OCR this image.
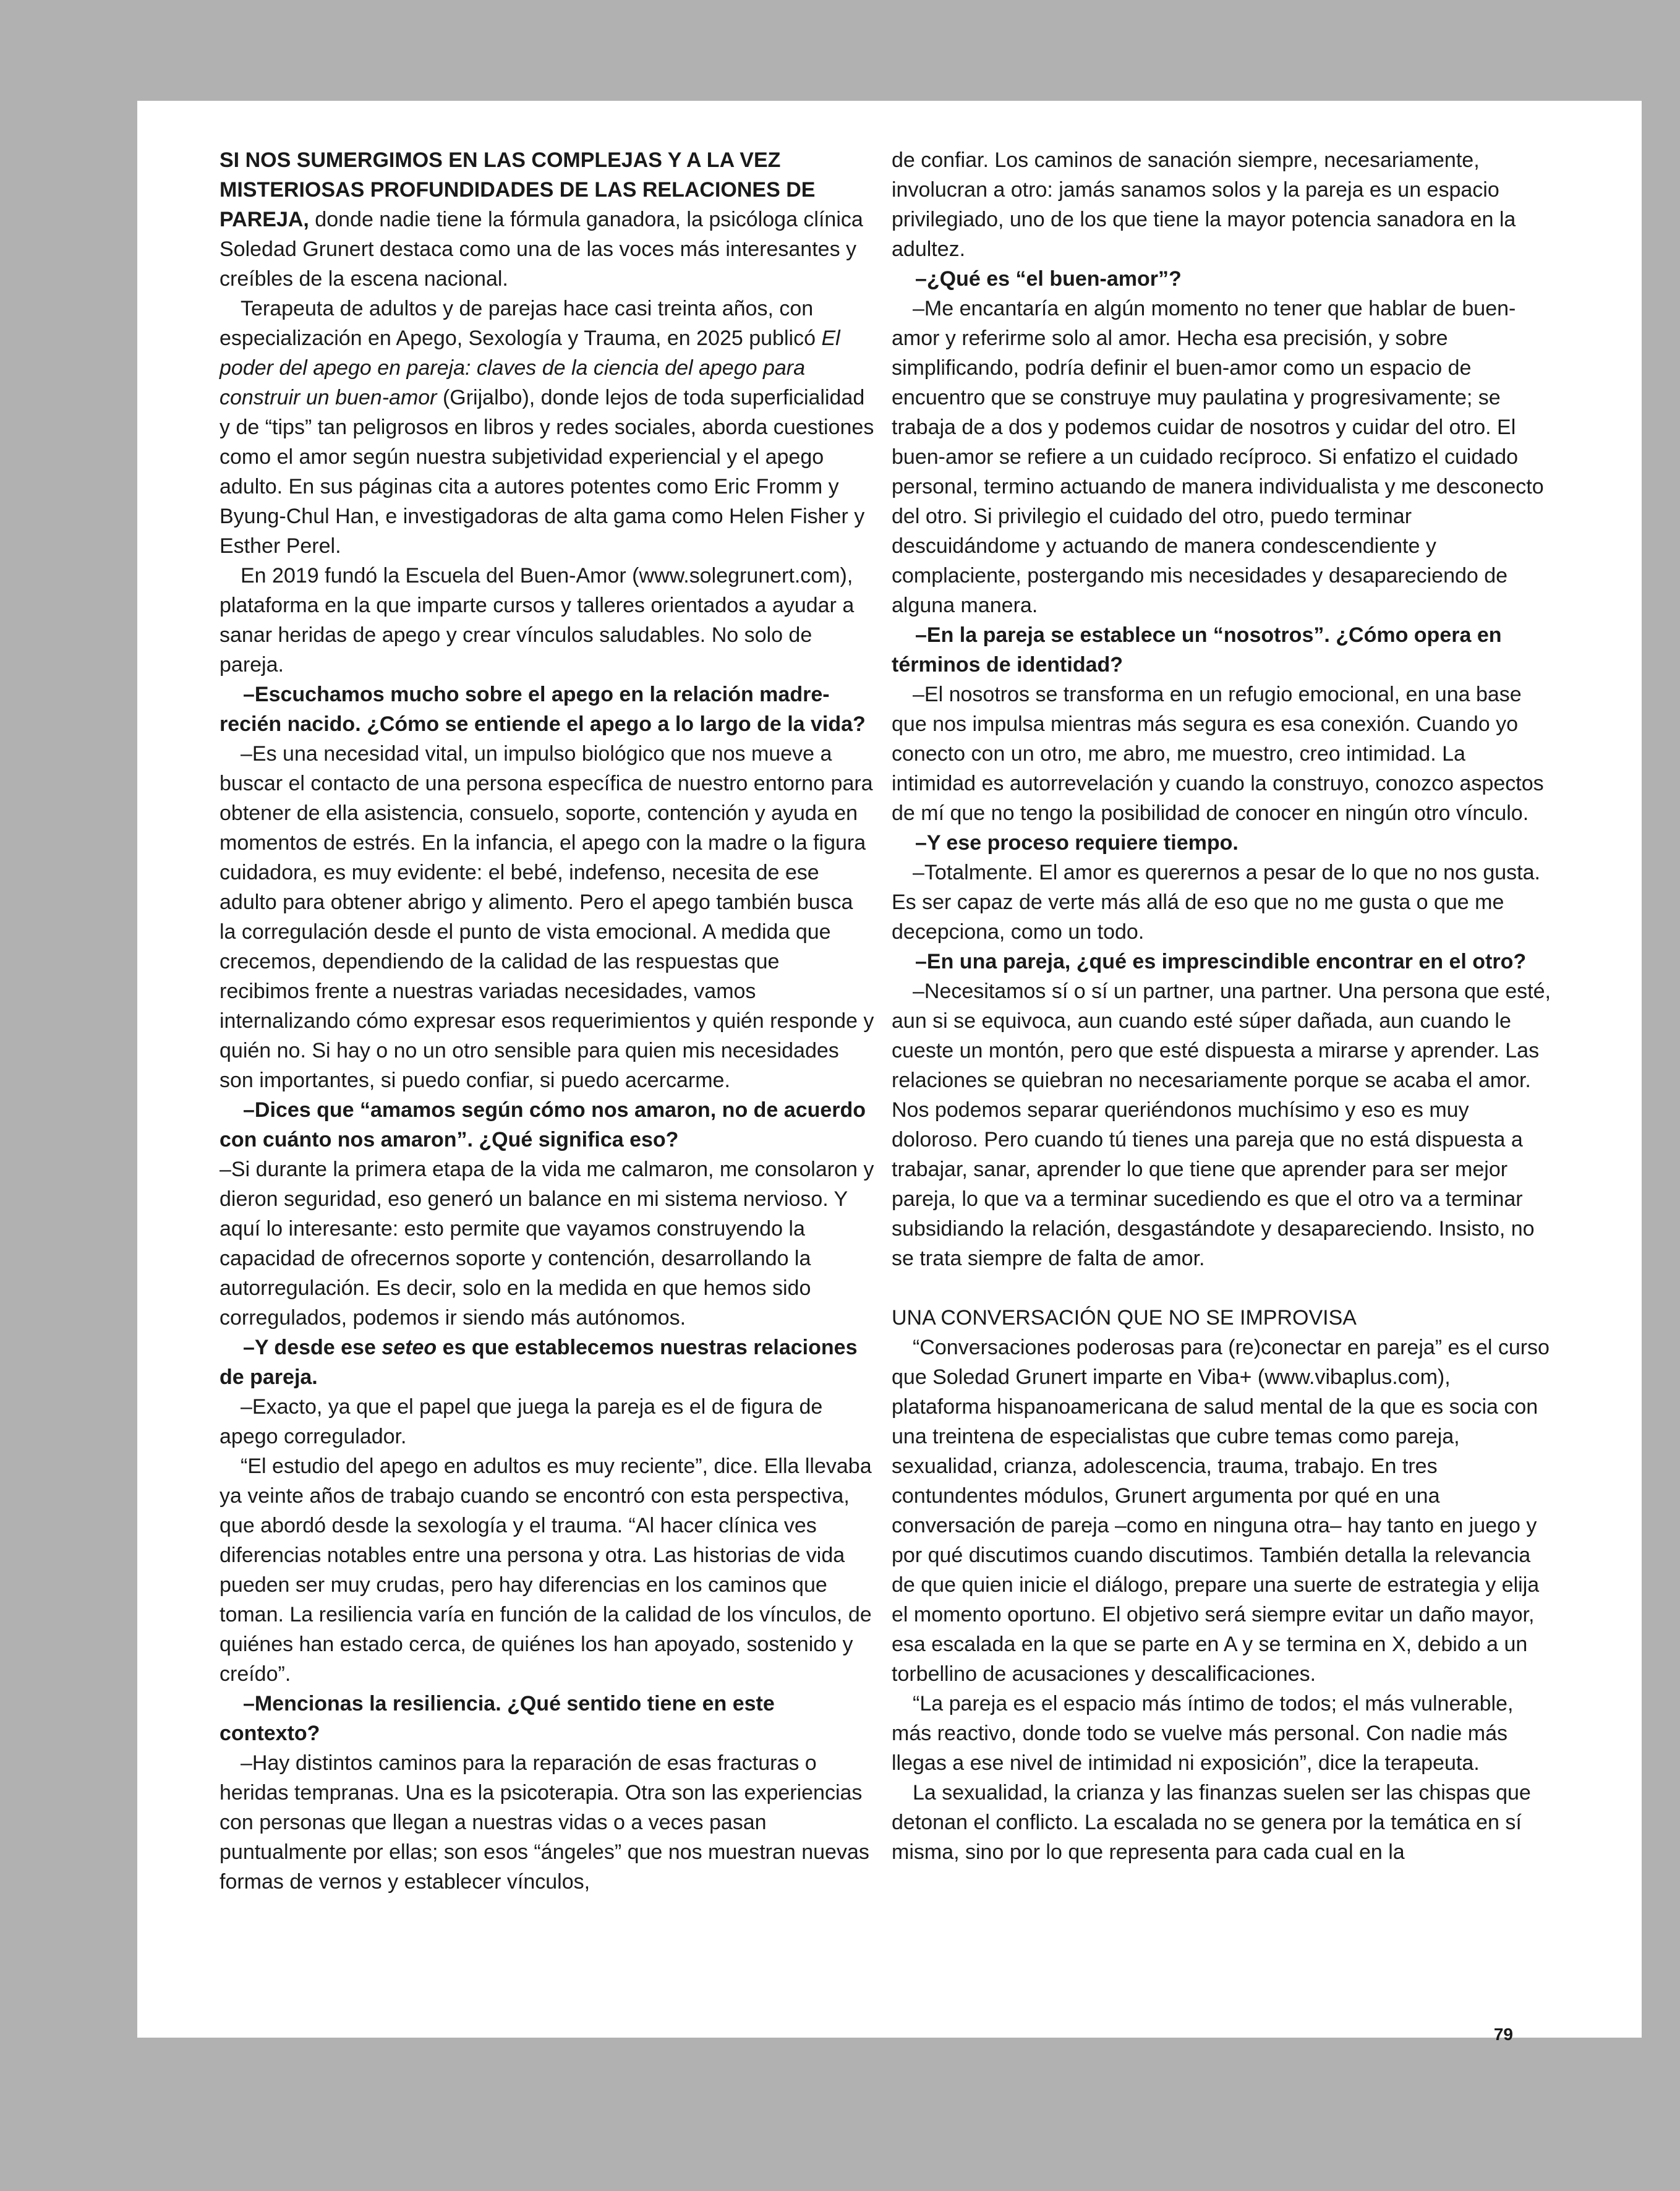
SI NOS SUMERGIMOS EN LAS COMPLEJAS Y A LA VEZ MISTERIOSAS PROFUNDIDADES DE LAS RELACIONES DE PAREJA, donde nadie tiene la fórmula ganadora, la psicóloga clínica Soledad Grunert destaca como una de las voces más interesantes y creíbles de la escena nacional.

Terapeuta de adultos y de parejas hace casi treinta años, con especialización en Apego, Sexología y Trauma, en 2025 publicó El poder del apego en pareja: claves de la ciencia del apego para construir un buen-amor (Grijalbo), donde lejos de toda superficialidad y de “tips” tan peligrosos en libros y redes sociales, aborda cuestiones como el amor según nuestra subjetividad experiencial y el apego adulto. En sus páginas cita a autores potentes como Eric Fromm y Byung-Chul Han, e investigadoras de alta gama como Helen Fisher y Esther Perel.

En 2019 fundó la Escuela del Buen-Amor (www.solegrunert.com), plataforma en la que imparte cursos y talleres orientados a ayudar a sanar heridas de apego y crear vínculos saludables. No solo de pareja.

–Escuchamos mucho sobre el apego en la relación madre-recién nacido. ¿Cómo se entiende el apego a lo largo de la vida?

–Es una necesidad vital, un impulso biológico que nos mueve a buscar el contacto de una persona específica de nuestro entorno para obtener de ella asistencia, consuelo, soporte, contención y ayuda en momentos de estrés. En la infancia, el apego con la madre o la figura cuidadora, es muy evidente: el bebé, indefenso, necesita de ese adulto para obtener abrigo y alimento. Pero el apego también busca la corregulación desde el punto de vista emocional. A medida que crecemos, dependiendo de la calidad de las respuestas que recibimos frente a nuestras variadas necesidades, vamos internalizando cómo expresar esos requerimientos y quién responde y quién no. Si hay o no un otro sensible para quien mis necesidades son importantes, si puedo confiar, si puedo acercarme.

–Dices que “amamos según cómo nos amaron, no de acuerdo con cuánto nos amaron”. ¿Qué significa eso?

–Si durante la primera etapa de la vida me calmaron, me consolaron y dieron seguridad, eso generó un balance en mi sistema nervioso. Y aquí lo interesante: esto permite que vayamos construyendo la capacidad de ofrecernos soporte y contención, desarrollando la autorregulación. Es decir, solo en la medida en que hemos sido corregulados, podemos ir siendo más autónomos.

–Y desde ese seteo es que establecemos nuestras relaciones de pareja.

–Exacto, ya que el papel que juega la pareja es el de figura de apego corregulador.

“El estudio del apego en adultos es muy reciente”, dice. Ella llevaba ya veinte años de trabajo cuando se encontró con esta perspectiva, que abordó desde la sexología y el trauma. “Al hacer clínica ves diferencias notables entre una persona y otra. Las historias de vida pueden ser muy crudas, pero hay diferencias en los caminos que toman. La resiliencia varía en función de la calidad de los vínculos, de quiénes han estado cerca, de quiénes los han apoyado, sostenido y creído”.

–Mencionas la resiliencia. ¿Qué sentido tiene en este contexto?

–Hay distintos caminos para la reparación de esas fracturas o heridas tempranas. Una es la psicoterapia. Otra son las experiencias con personas que llegan a nuestras vidas o a veces pasan puntualmente por ellas; son esos “ángeles” que nos muestran nuevas formas de vernos y establecer vínculos,

de confiar. Los caminos de sanación siempre, necesariamente, involucran a otro: jamás sanamos solos y la pareja es un espacio privilegiado, uno de los que tiene la mayor potencia sanadora en la adultez.

–¿Qué es “el buen-amor”?

–Me encantaría en algún momento no tener que hablar de buen-amor y referirme solo al amor. Hecha esa precisión, y sobre simplificando, podría definir el buen-amor como un espacio de encuentro que se construye muy paulatina y progresivamente; se trabaja de a dos y podemos cuidar de nosotros y cuidar del otro. El buen-amor se refiere a un cuidado recíproco. Si enfatizo el cuidado personal, termino actuando de manera individualista y me desconecto del otro. Si privilegio el cuidado del otro, puedo terminar descuidándome y actuando de manera condescendiente y complaciente, postergando mis necesidades y desapareciendo de alguna manera.

–En la pareja se establece un “nosotros”. ¿Cómo opera en términos de identidad?

–El nosotros se transforma en un refugio emocional, en una base que nos impulsa mientras más segura es esa conexión. Cuando yo conecto con un otro, me abro, me muestro, creo intimidad. La intimidad es autorrevelación y cuando la construyo, conozco aspectos de mí que no tengo la posibilidad de conocer en ningún otro vínculo.

–Y ese proceso requiere tiempo.

–Totalmente. El amor es querernos a pesar de lo que no nos gusta. Es ser capaz de verte más allá de eso que no me gusta o que me decepciona, como un todo.

–En una pareja, ¿qué es imprescindible encontrar en el otro?

–Necesitamos sí o sí un partner, una partner. Una persona que esté, aun si se equivoca, aun cuando esté súper dañada, aun cuando le cueste un montón, pero que esté dispuesta a mirarse y aprender. Las relaciones se quiebran no necesariamente porque se acaba el amor. Nos podemos separar queriéndonos muchísimo y eso es muy doloroso. Pero cuando tú tienes una pareja que no está dispuesta a trabajar, sanar, aprender lo que tiene que aprender para ser mejor pareja, lo que va a terminar sucediendo es que el otro va a terminar subsidiando la relación, desgastándote y desapareciendo. Insisto, no se trata siempre de falta de amor.

UNA CONVERSACIÓN QUE NO SE IMPROVISA

“Conversaciones poderosas para (re)conectar en pareja” es el curso que Soledad Grunert imparte en Viba+ (www.vibaplus.com), plataforma hispanoamericana de salud mental de la que es socia con una treintena de especialistas que cubre temas como pareja, sexualidad, crianza, adolescencia, trauma, trabajo. En tres contundentes módulos, Grunert argumenta por qué en una conversación de pareja –como en ninguna otra– hay tanto en juego y por qué discutimos cuando discutimos. También detalla la relevancia de que quien inicie el diálogo, prepare una suerte de estrategia y elija el momento oportuno. El objetivo será siempre evitar un daño mayor, esa escalada en la que se parte en A y se termina en X, debido a un torbellino de acusaciones y descalificaciones.

“La pareja es el espacio más íntimo de todos; el más vulnerable, más reactivo, donde todo se vuelve más personal. Con nadie más llegas a ese nivel de intimidad ni exposición”, dice la terapeuta.

La sexualidad, la crianza y las finanzas suelen ser las chispas que detonan el conflicto. La escalada no se genera por la temática en sí misma, sino por lo que representa para cada cual en la

79
